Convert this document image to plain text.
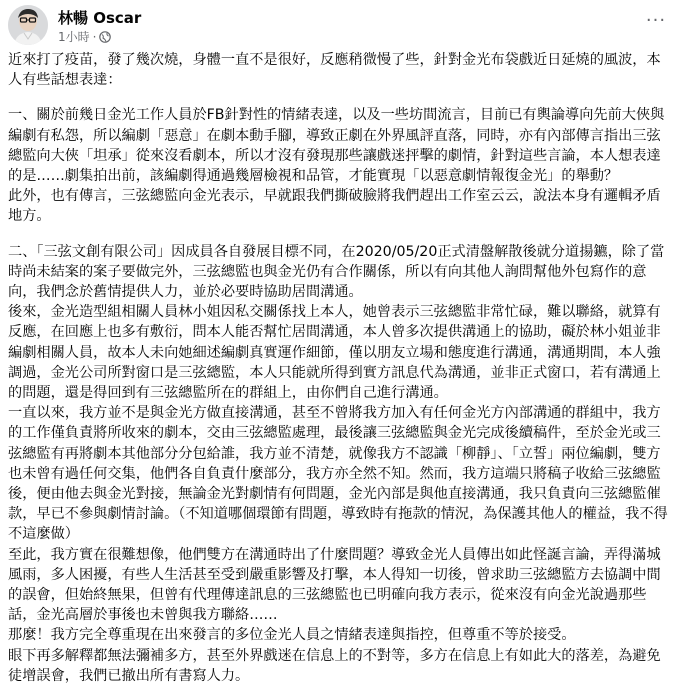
林暢 Oscar
1小時 ·
···

近來打了疫苗，發了幾次燒，身體一直不是很好，反應稍微慢了些，針對金光布袋戲近日延燒的風波，本人有些話想表達：

一、關於前幾日金光工作人員於FB針對性的情緒表達，以及一些坊間流言，目前已有輿論導向先前大俠與編劇有私怨，所以編劇「惡意」在劇本動手腳，導致正劇在外界風評直落，同時，亦有內部傳言指出三弦總監向大俠「坦承」從來沒看劇本，所以才沒有發現那些讓戲迷抨擊的劇情，針對這些言論，本人想表達的是……劇集拍出前，該編劇得通過幾層檢視和品管，才能實現「以惡意劇情報復金光」的舉動？

此外，也有傳言，三弦總監向金光表示，早就跟我們撕破臉將我們趕出工作室云云，說法本身有邏輯矛盾地方。

二、「三弦文創有限公司」因成員各自發展目標不同，在2020/05/20正式清盤解散後就分道揚鑣，除了當時尚未結案的案子要做完外，三弦總監也與金光仍有合作關係，所以有向其他人詢問幫他外包寫作的意向，我們念於舊情提供人力，並於必要時協助居間溝通。

後來，金光造型組相關人員林小姐因私交關係找上本人，她曾表示三弦總監非常忙碌，難以聯絡，就算有反應，在回應上也多有敷衍，問本人能否幫忙居間溝通，本人曾多次提供溝通上的協助，礙於林小姐並非編劇相關人員，故本人未向她細述編劇真實運作細節，僅以朋友立場和態度進行溝通，溝通期間，本人強調過，金光公司所對窗口是三弦總監，本人只能就所得到實方訊息代為溝通，並非正式窗口，若有溝通上的問題，還是得回到有三弦總監所在的群組上，由你們自己進行溝通。

一直以來，我方並不是與金光方做直接溝通，甚至不曾將我方加入有任何金光方內部溝通的群組中，我方的工作僅負責將所收來的劇本，交由三弦總監處理，最後讓三弦總監與金光完成後續稿件，至於金光或三弦總監有再將劇本其他部分分包給誰，我方並不清楚，就像我方不認識「柳靜」、「立誓」兩位編劇，雙方也未曾有過任何交集，他們各自負責什麼部分，我方亦全然不知。然而，我方這端只將稿子收給三弦總監後，便由他去與金光對接，無論金光對劇情有何問題，金光內部是與他直接溝通，我只負責向三弦總監催款，早已不參與劇情討論。（不知道哪個環節有問題，導致時有拖款的情況，為保護其他人的權益，我不得不這麼做）

至此，我方實在很難想像，他們雙方在溝通時出了什麼問題？導致金光人員傳出如此怪誕言論，弄得滿城風雨，多人困擾，有些人生活甚至受到嚴重影響及打擊，本人得知一切後，曾求助三弦總監方去協調中間的誤會，但始終無果，但曾有代理傳達訊息的三弦總監也已明確向我方表示，從來沒有向金光說過那些話，金光高層於事後也未曾與我方聯絡……

那麼！我方完全尊重現在出來發言的多位金光人員之情緒表達與指控，但尊重不等於接受。

眼下再多解釋都無法彌補多方，甚至外界戲迷在信息上的不對等，多方在信息上有如此大的落差，為避免徒增誤會，我們已撤出所有書寫人力。
